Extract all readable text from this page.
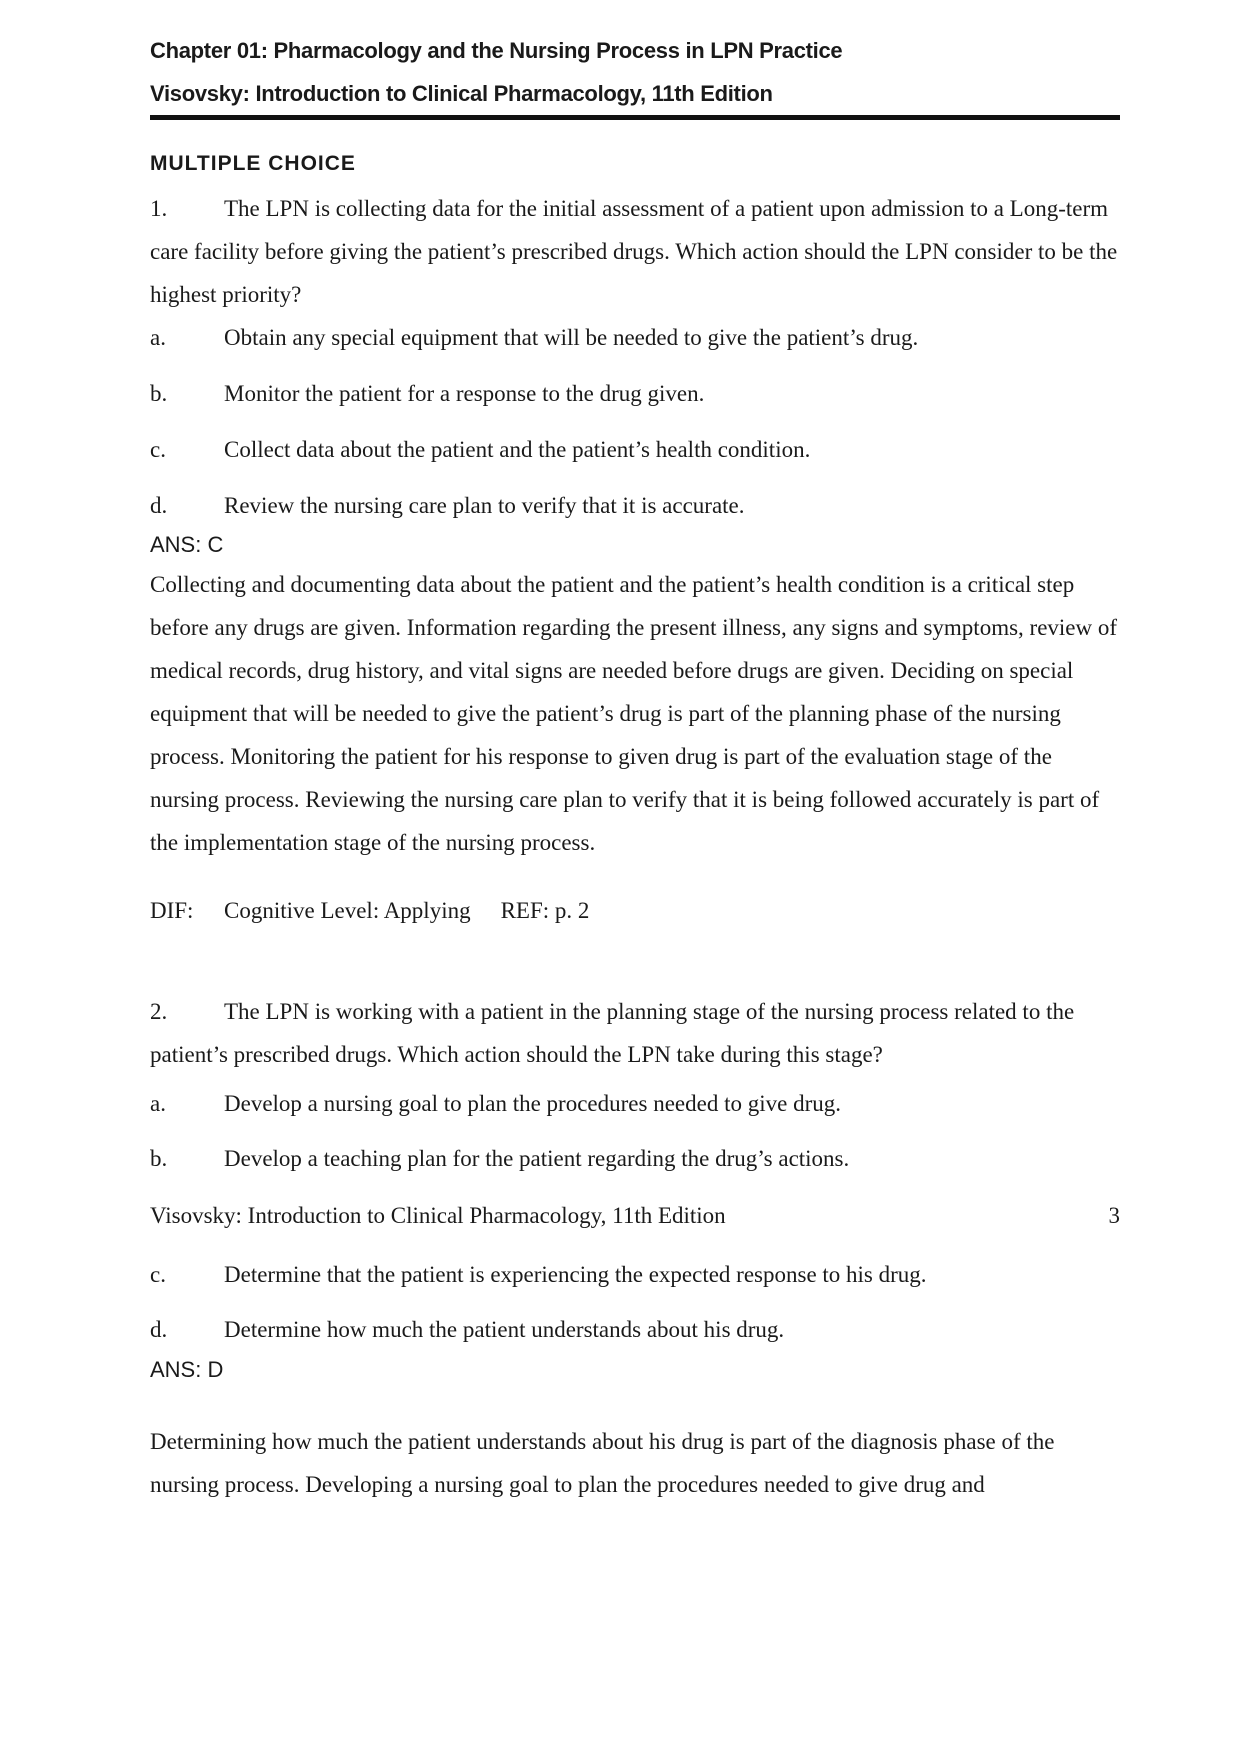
Chapter 01: Pharmacology and the Nursing Process in LPN Practice
Visovsky: Introduction to Clinical Pharmacology, 11th Edition
MULTIPLE CHOICE
1. The LPN is collecting data for the initial assessment of a patient upon admission to a Long-term care facility before giving the patient’s prescribed drugs. Which action should the LPN consider to be the highest priority?
a.	Obtain any special equipment that will be needed to give the patient’s drug.
b. Monitor the patient for a response to the drug given.
c.	Collect data about the patient and the patient’s health condition.
d. Review the nursing care plan to verify that it is accurate.
ANS: C
Collecting and documenting data about the patient and the patient’s health condition is a critical step before any drugs are given. Information regarding the present illness, any signs and symptoms, review of medical records, drug history, and vital signs are needed before drugs are given. Deciding on special equipment that will be needed to give the patient’s drug is part of the planning phase of the nursing process. Monitoring the patient for his response to given drug is part of the evaluation stage of the nursing process. Reviewing the nursing care plan to verify that it is being followed accurately is part of the implementation stage of the nursing process.
DIF: Cognitive Level: Applying REF: p. 2
2. The LPN is working with a patient in the planning stage of the nursing process related to the patient’s prescribed drugs. Which action should the LPN take during this stage?
a.	Develop a nursing goal to plan the procedures needed to give drug.
b. Develop a teaching plan for the patient regarding the drug’s actions.
Visovsky: Introduction to Clinical Pharmacology, 11th Edition	3
c.	Determine that the patient is experiencing the expected response to his drug.
d. Determine how much the patient understands about his drug.
ANS: D
Determining how much the patient understands about his drug is part of the diagnosis phase of the nursing process. Developing a nursing goal to plan the procedures needed to give drug and
